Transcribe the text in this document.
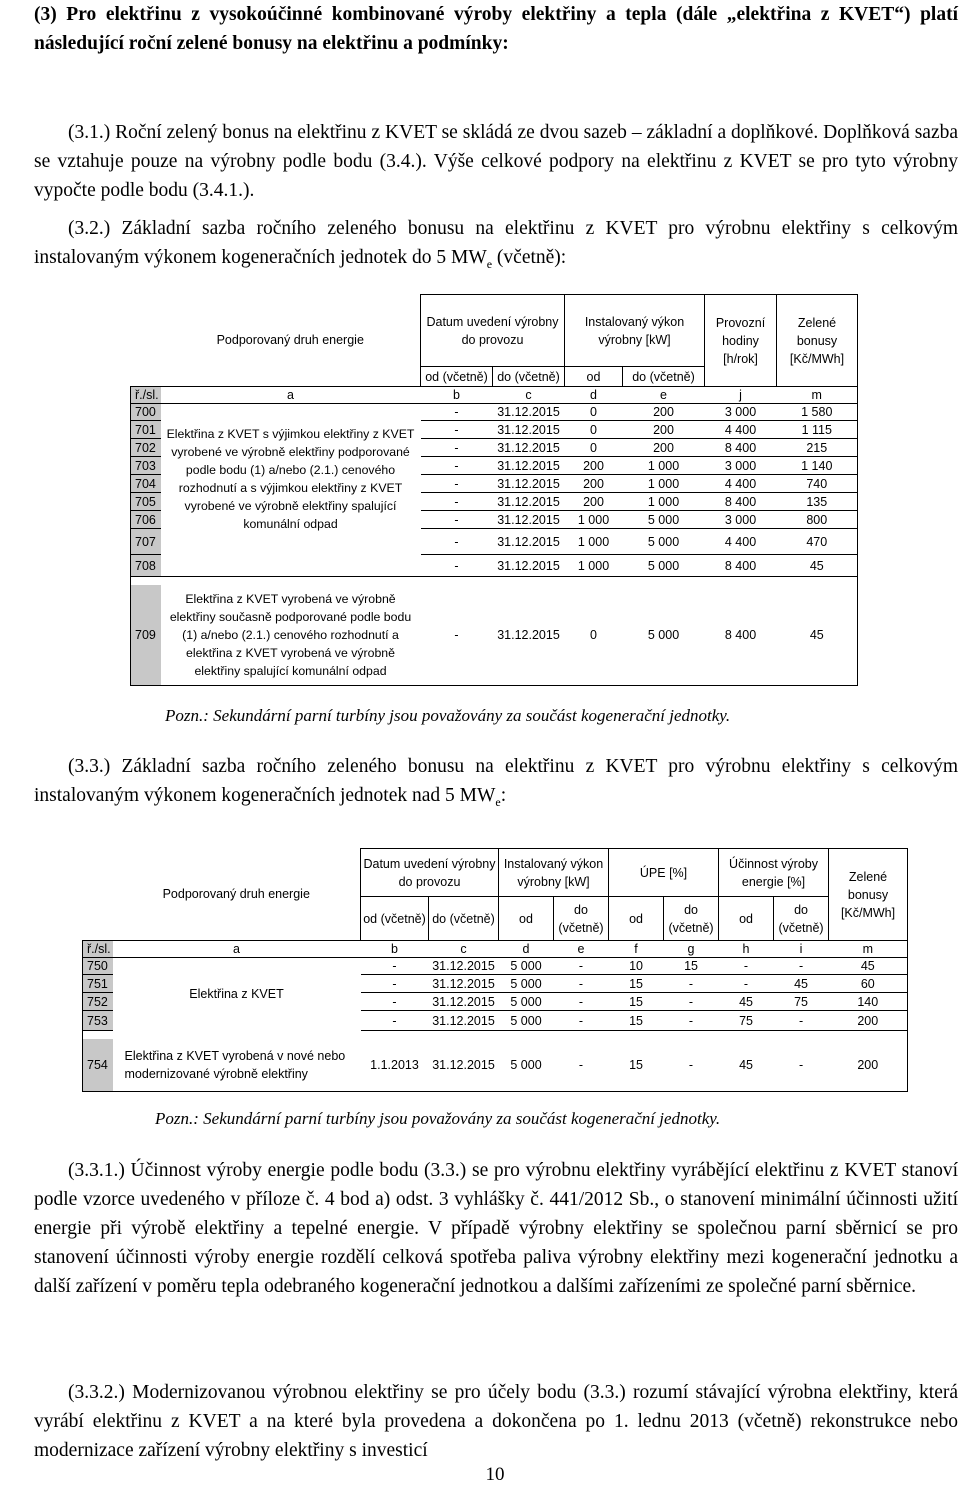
(3) Pro elektřinu z vysokoúčinné kombinované výroby elektřiny a tepla (dále „elektřina z KVET“) platí následující roční zelené bonusy na elektřinu a podmínky:

(3.1.) Roční zelený bonus na elektřinu z KVET se skládá ze dvou sazeb – základní a doplňkové. Doplňková sazba se vztahuje pouze na výrobny podle bodu (3.4.). Výše celkové podpory na elektřinu z KVET se pro tyto výrobny vypočte podle bodu (3.4.1.).

(3.2.) Základní sazba ročního zeleného bonusu na elektřinu z KVET pro výrobnu elektřiny s celkovým instalovaným výkonem kogeneračních jednotek do 5 $MW_e$ (včetně):

	Podporovaný druh energie	Datum uvedení výrobny do provozu		Instalovaný výkon výrobny [kW]		Provozní hodiny [h/rok]	Zelené bonusy [Kč/MWh]
		od (včetně)	do (včetně)	od	do (včetně)		
ř./sl.	a	b	c	d	e	j	m
700	Elektřina z KVET s výjimkou elektřiny z KVET vyrobené ve výrobně elektřiny podporované podle bodu (1) a/nebo (2.1.) cenového rozhodnutí a s výjimkou elektřiny z KVET vyrobené ve výrobně elektřiny spalující komunální odpad	-	31.12.2015	0	200	3 000	1 580
701		-	31.12.2015	0	200	4 400	1 115
702		-	31.12.2015	0	200	8 400	215
703		-	31.12.2015	200	1 000	3 000	1 140
704		-	31.12.2015	200	1 000	4 400	740
705		-	31.12.2015	200	1 000	8 400	135
706		-	31.12.2015	1 000	5 000	3 000	800
707		-	31.12.2015	1 000	5 000	4 400	470
708		-	31.12.2015	1 000	5 000	8 400	45

709	Elektřina z KVET vyrobená ve výrobně elektřiny současně podporované podle bodu (1) a/nebo (2.1.) cenového rozhodnutí a elektřina z KVET vyrobená ve výrobně elektřiny spalující komunální odpad	-	31.12.2015	0	5 000	8 400	45

Pozn.: Sekundární parní turbíny jsou považovány za součást kogenerační jednotky.

(3.3.) Základní sazba ročního zeleného bonusu na elektřinu z KVET pro výrobnu elektřiny s celkovým instalovaným výkonem kogeneračních jednotek nad 5 $MW_e$:

	Podporovaný druh energie	Datum uvedení výrobny do provozu		Instalovaný výkon výrobny [kW]		ÚPE [%]		Účinnost výroby energie [%]		Zelené bonusy [Kč/MWh]
		od (včetně)	do (včetně)	od	do (včetně)	od	do (včetně)	od	do (včetně)	
ř./sl.	a	b	c	d	e	f	g	h	i	m
750	Elektřina z KVET	-	31.12.2015	5 000	-	10	15	-	-	45
751		-	31.12.2015	5 000	-	15	-	-	45	60
752		-	31.12.2015	5 000	-	15	-	45	75	140
753		-	31.12.2015	5 000	-	15	-	75	-	200

754	Elektřina z KVET vyrobená v nové nebo modernizované výrobně elektřiny	1.1.2013	31.12.2015	5 000	-	15	-	45	-	200

Pozn.: Sekundární parní turbíny jsou považovány za součást kogenerační jednotky.

(3.3.1.) Účinnost výroby energie podle bodu (3.3.) se pro výrobnu elektřiny vyrábějící elektřinu z KVET stanoví podle vzorce uvedeného v příloze č. 4 bod a) odst. 3 vyhlášky č. 441/2012 Sb., o stanovení minimální účinnosti užití energie při výrobě elektřiny a tepelné energie. V případě výrobny elektřiny se společnou parní sběrnicí se pro stanovení účinnosti výroby energie rozdělí celková spotřeba paliva výrobny elektřiny mezi kogenerační jednotku a další zařízení v poměru tepla odebraného kogenerační jednotkou a dalšími zařízeními ze společné parní sběrnice.

(3.3.2.) Modernizovanou výrobnou elektřiny se pro účely bodu (3.3.) rozumí stávající výrobna elektřiny, která vyrábí elektřinu z KVET a na které byla provedena a dokončena po 1. lednu 2013 (včetně) rekonstrukce nebo modernizace zařízení výrobny elektřiny s investicí

10
